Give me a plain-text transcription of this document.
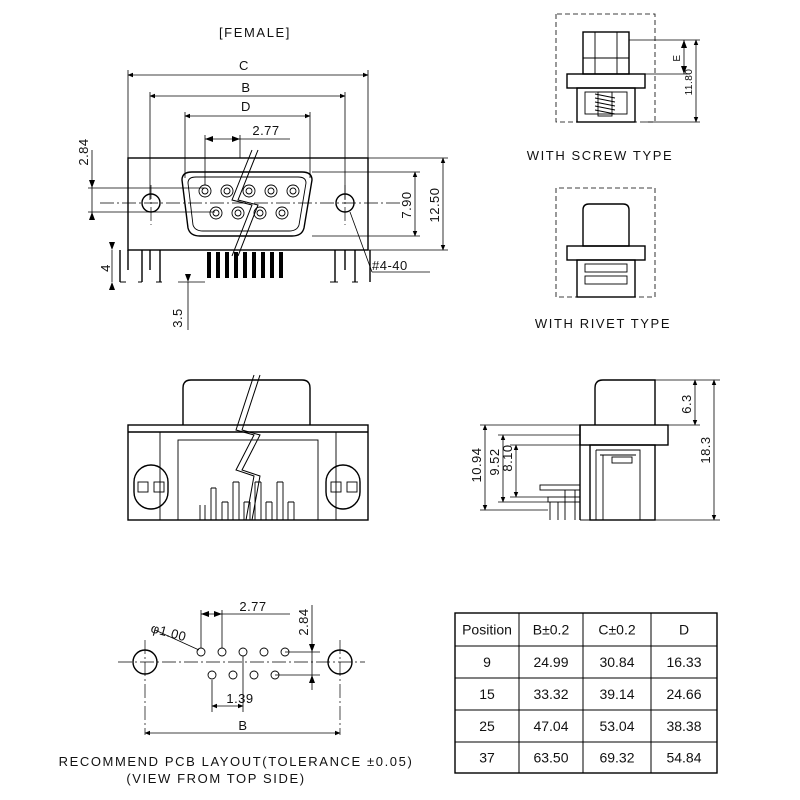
[FEMALE]
C
B
D
2.77
2.84
7.90 12.50
4
3.5
#4-40
E
11.80
WITH SCREW TYPE
WITH RIVET TYPE
6.3
18.3
10.94 9.52
8.10
2.77
2.84
φ1.00
1.39
B
RECOMMEND PCB LAYOUT(TOLERANCE ±0.05)
(VIEW FROM TOP SIDE)
Position B±0.2 C±0.2	D
9	24.99 30.84 16.33
15	33.32 39.14 24.66
25	47.04 53.04 38.38
37	63.50 69.32 54.84
